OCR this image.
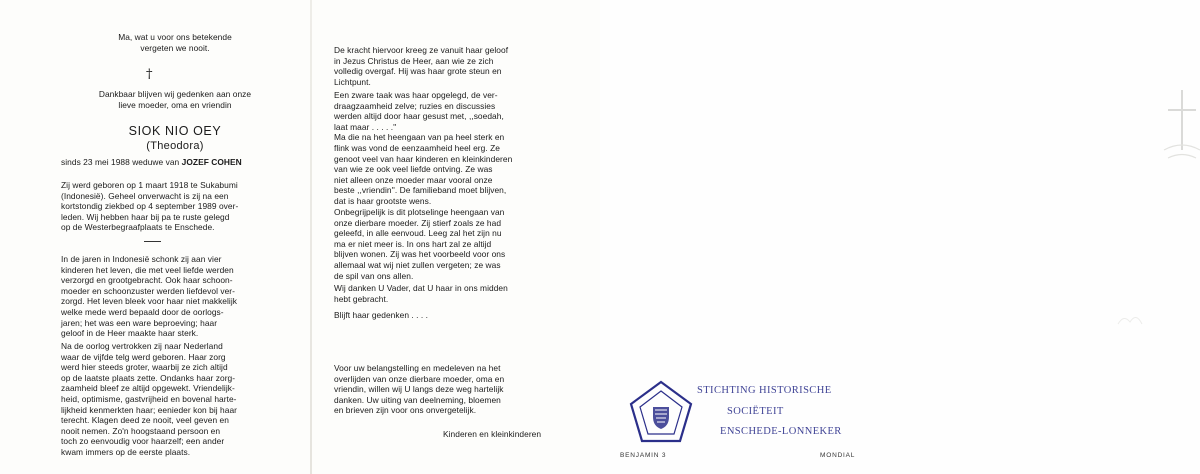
Ma, wat u voor ons betekende
vergeten we nooit.

†

Dankbaar blijven wij gedenken aan onze
lieve moeder, oma en vriendin

SIOK NIO OEY
(Theodora)

sinds 23 mei 1988 weduwe van JOZEF COHEN

Zij werd geboren op 1 maart 1918 te Sukabumi
(Indonesië). Geheel onverwacht is zij na een
kortstondig ziekbed op 4 september 1989 over-
leden. Wij hebben haar bij pa te ruste gelegd
op de Westerbegraafplaats te Enschede.

In de jaren in Indonesië schonk zij aan vier
kinderen het leven, die met veel liefde werden
verzorgd en grootgebracht. Ook haar schoon-
moeder en schoonzuster werden liefdevol ver-
zorgd. Het leven bleek voor haar niet makkelijk
welke mede werd bepaald door de oorlogs-
jaren; het was een ware beproeving; haar
geloof in de Heer maakte haar sterk.

Na de oorlog vertrokken zij naar Nederland
waar de vijfde telg werd geboren. Haar zorg
werd hier steeds groter, waarbij ze zich altijd
op de laatste plaats zette. Ondanks haar zorg-
zaamheid bleef ze altijd opgewekt. Vriendelijk-
heid, optimisme, gastvrijheid en bovenal harte-
lijkheid kenmerkten haar; eenieder kon bij haar
terecht. Klagen deed ze nooit, veel geven en
nooit nemen. Zo'n hoogstaand persoon en
toch zo eenvoudig voor haarzelf; een ander
kwam immers op de eerste plaats.

De kracht hiervoor kreeg ze vanuit haar geloof
in Jezus Christus de Heer, aan wie ze zich
volledig overgaf. Hij was haar grote steun en
Lichtpunt.

Een zware taak was haar opgelegd, de ver-
draagzaamheid zelve; ruzies en discussies
werden altijd door haar gesust met, ,,soedah,
laat maar . . . . .''
Ma die na het heengaan van pa heel sterk en
flink was vond de eenzaamheid heel erg. Ze
genoot veel van haar kinderen en kleinkinderen
van wie ze ook veel liefde ontving. Ze was
niet alleen onze moeder maar vooral onze
beste ,,vriendin''. De familieband moet blijven,
dat is haar grootste wens.

Onbegrijpelijk is dit plotselinge heengaan van
onze dierbare moeder. Zij stierf zoals ze had
geleefd, in alle eenvoud. Leeg zal het zijn nu
ma er niet meer is. In ons hart zal ze altijd
blijven wonen. Zij was het voorbeeld voor ons
allemaal wat wij niet zullen vergeten; ze was
de spil van ons allen.

Wij danken U Vader, dat U haar in ons midden
hebt gebracht.

Blijft haar gedenken . . . .

Voor uw belangstelling en medeleven na het
overlijden van onze dierbare moeder, oma en
vriendin, willen wij U langs deze weg hartelijk
danken. Uw uiting van deelneming, bloemen
en brieven zijn voor ons onvergetelijk.

Kinderen en kleinkinderen

STICHTING HISTORISCHE
SOCIËTEIT
ENSCHEDE-LONNEKER
BENJAMIN 3	MONDIAL
